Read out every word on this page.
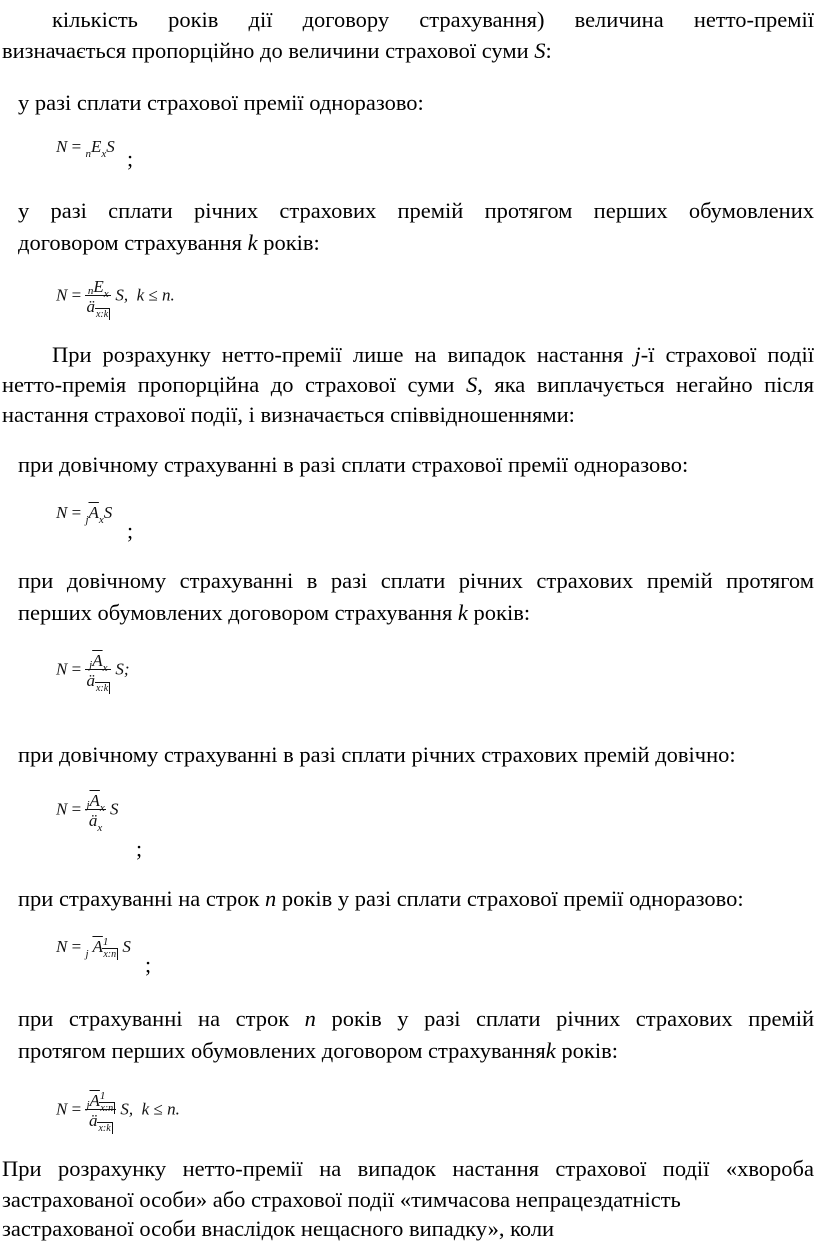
кількість років дії договору страхування) величина нетто-премії

визначається пропорційно до величини страхової суми S:

у разі сплати страхової премії одноразово:

$N = _nE_xS$ ;

у разі сплати річних страхових премій протягом перших обумовлених

договором страхування k років:

$N = \frac{nE_x}{äx:k} S$,  k ≤ n.

При розрахунку нетто-премії лише на випадок настання j-ї страхової події

нетто-премія пропорційна до страхової суми S, яка виплачується негайно після

настання страхової події, і визначається співвідношеннями:

при довічному страхуванні в разі сплати страхової премії одноразово:

$N = _j\overline{A}_xS$
;

при довічному страхуванні в разі сплати річних страхових премій протягом

перших обумовлених договором страхування k років:

$N = \frac{j\overline{A}_x}{äx:k} S$;

при довічному страхуванні в разі сплати річних страхових премій довічно:

$N = \frac{j\overline{A}_x}{ä_x}$ S
;

при страхуванні на строк n років у разі сплати страхової премії одноразово:

N = $_j$ $\overline{A}^1x:n$ S
;

при страхуванні на строк n років у разі сплати річних страхових премій

протягом перших обумовлених договором страхуванняk років:

$N = \frac{j\overline{A}^1x:n}{äx:k} S$,  k ≤ n.

При розрахунку нетто-премії на випадок настання страхової події «хвороба

застрахованої особи» або страхової події «тимчасова непрацездатність

застрахованої особи внаслідок нещасного випадку», коли
